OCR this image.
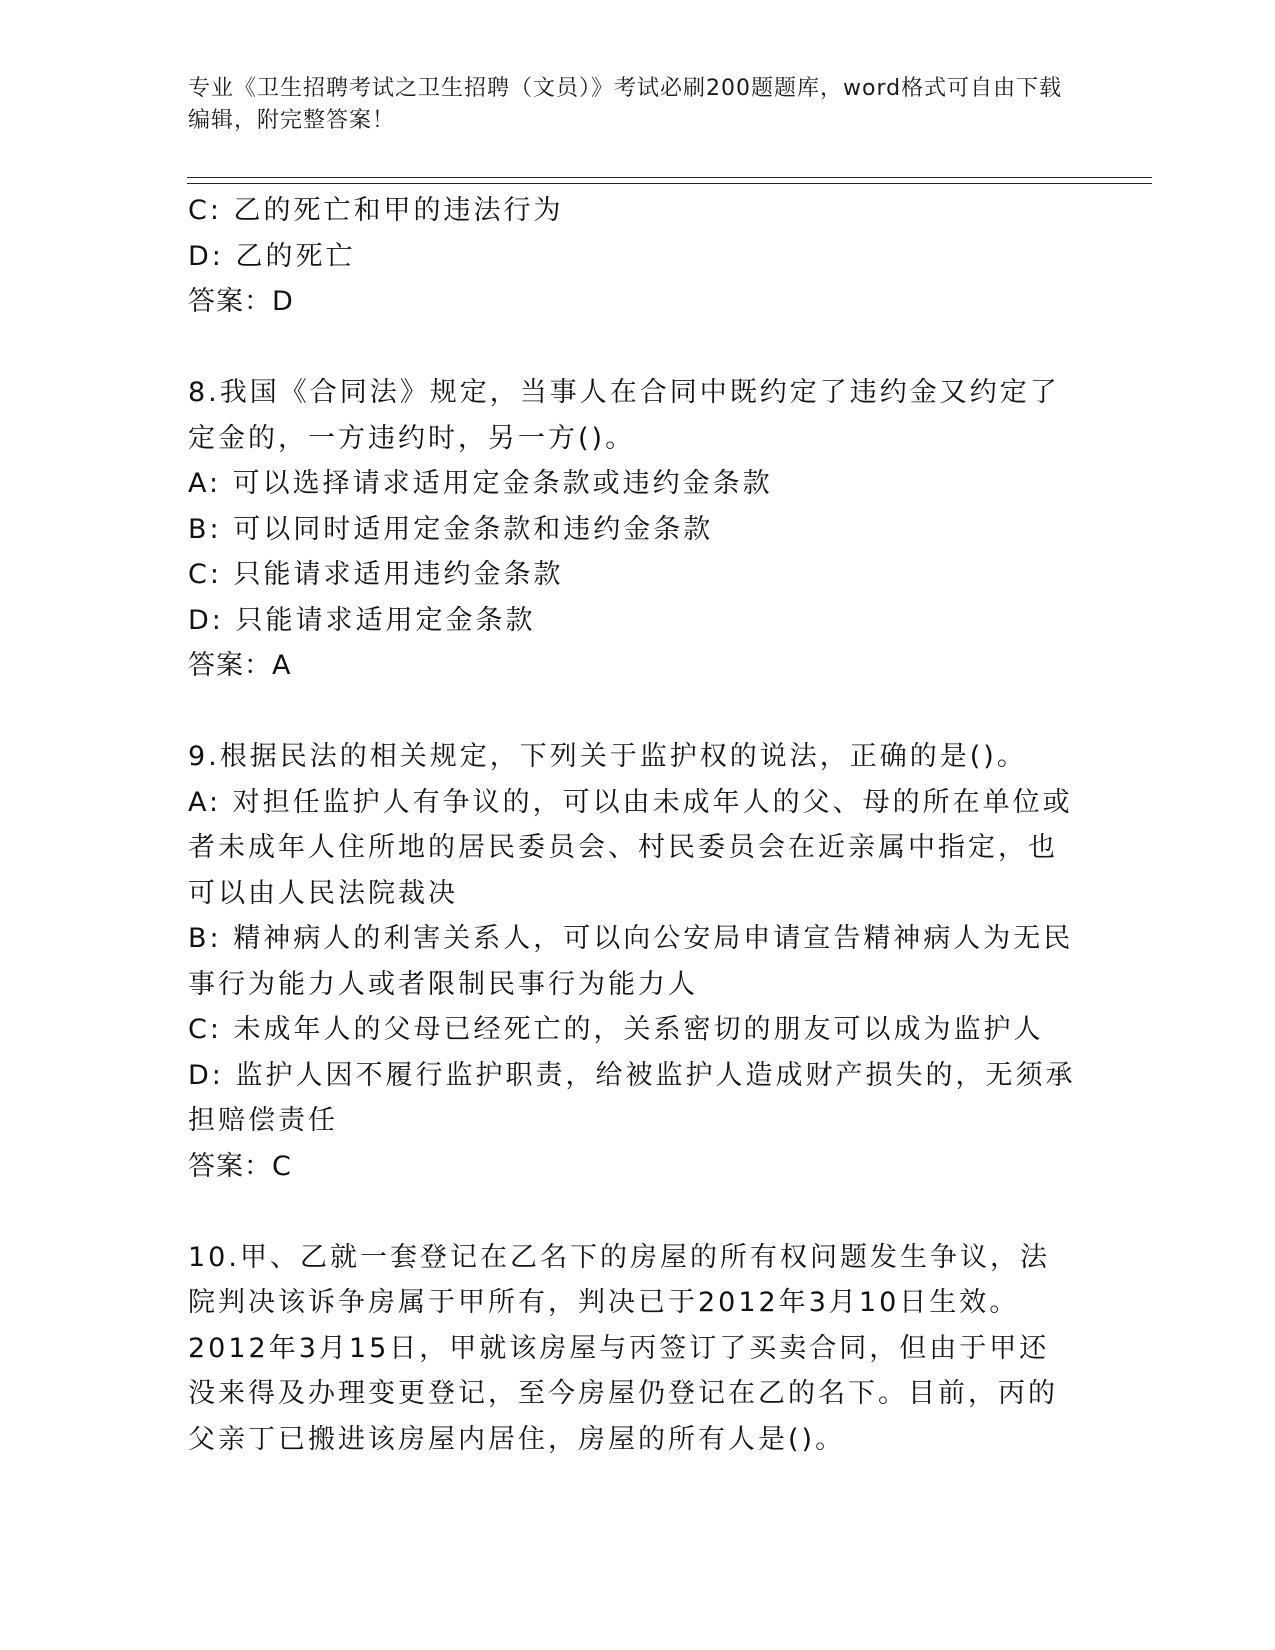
专业《卫生招聘考试之卫生招聘（文员）》考试必刷200题题库，word格式可自由下载编辑，附完整答案！
C: 乙的死亡和甲的违法行为
D: 乙的死亡
答案：D
8.我国《合同法》规定，当事人在合同中既约定了违约金又约定了定金的，一方违约时，另一方()。
A: 可以选择请求适用定金条款或违约金条款
B: 可以同时适用定金条款和违约金条款
C: 只能请求适用违约金条款
D: 只能请求适用定金条款
答案：A
9.根据民法的相关规定，下列关于监护权的说法，正确的是()。
A: 对担任监护人有争议的，可以由未成年人的父、母的所在单位或者未成年人住所地的居民委员会、村民委员会在近亲属中指定，也可以由人民法院裁决
B: 精神病人的利害关系人，可以向公安局申请宣告精神病人为无民事行为能力人或者限制民事行为能力人
C: 未成年人的父母已经死亡的，关系密切的朋友可以成为监护人
D: 监护人因不履行监护职责，给被监护人造成财产损失的，无须承担赔偿责任
答案：C
10.甲、乙就一套登记在乙名下的房屋的所有权问题发生争议，法院判决该诉争房属于甲所有，判决已于2012年3月10日生效。2012年3月15日，甲就该房屋与丙签订了买卖合同，但由于甲还没来得及办理变更登记，至今房屋仍登记在乙的名下。目前，丙的父亲丁已搬进该房屋内居住，房屋的所有人是()。
